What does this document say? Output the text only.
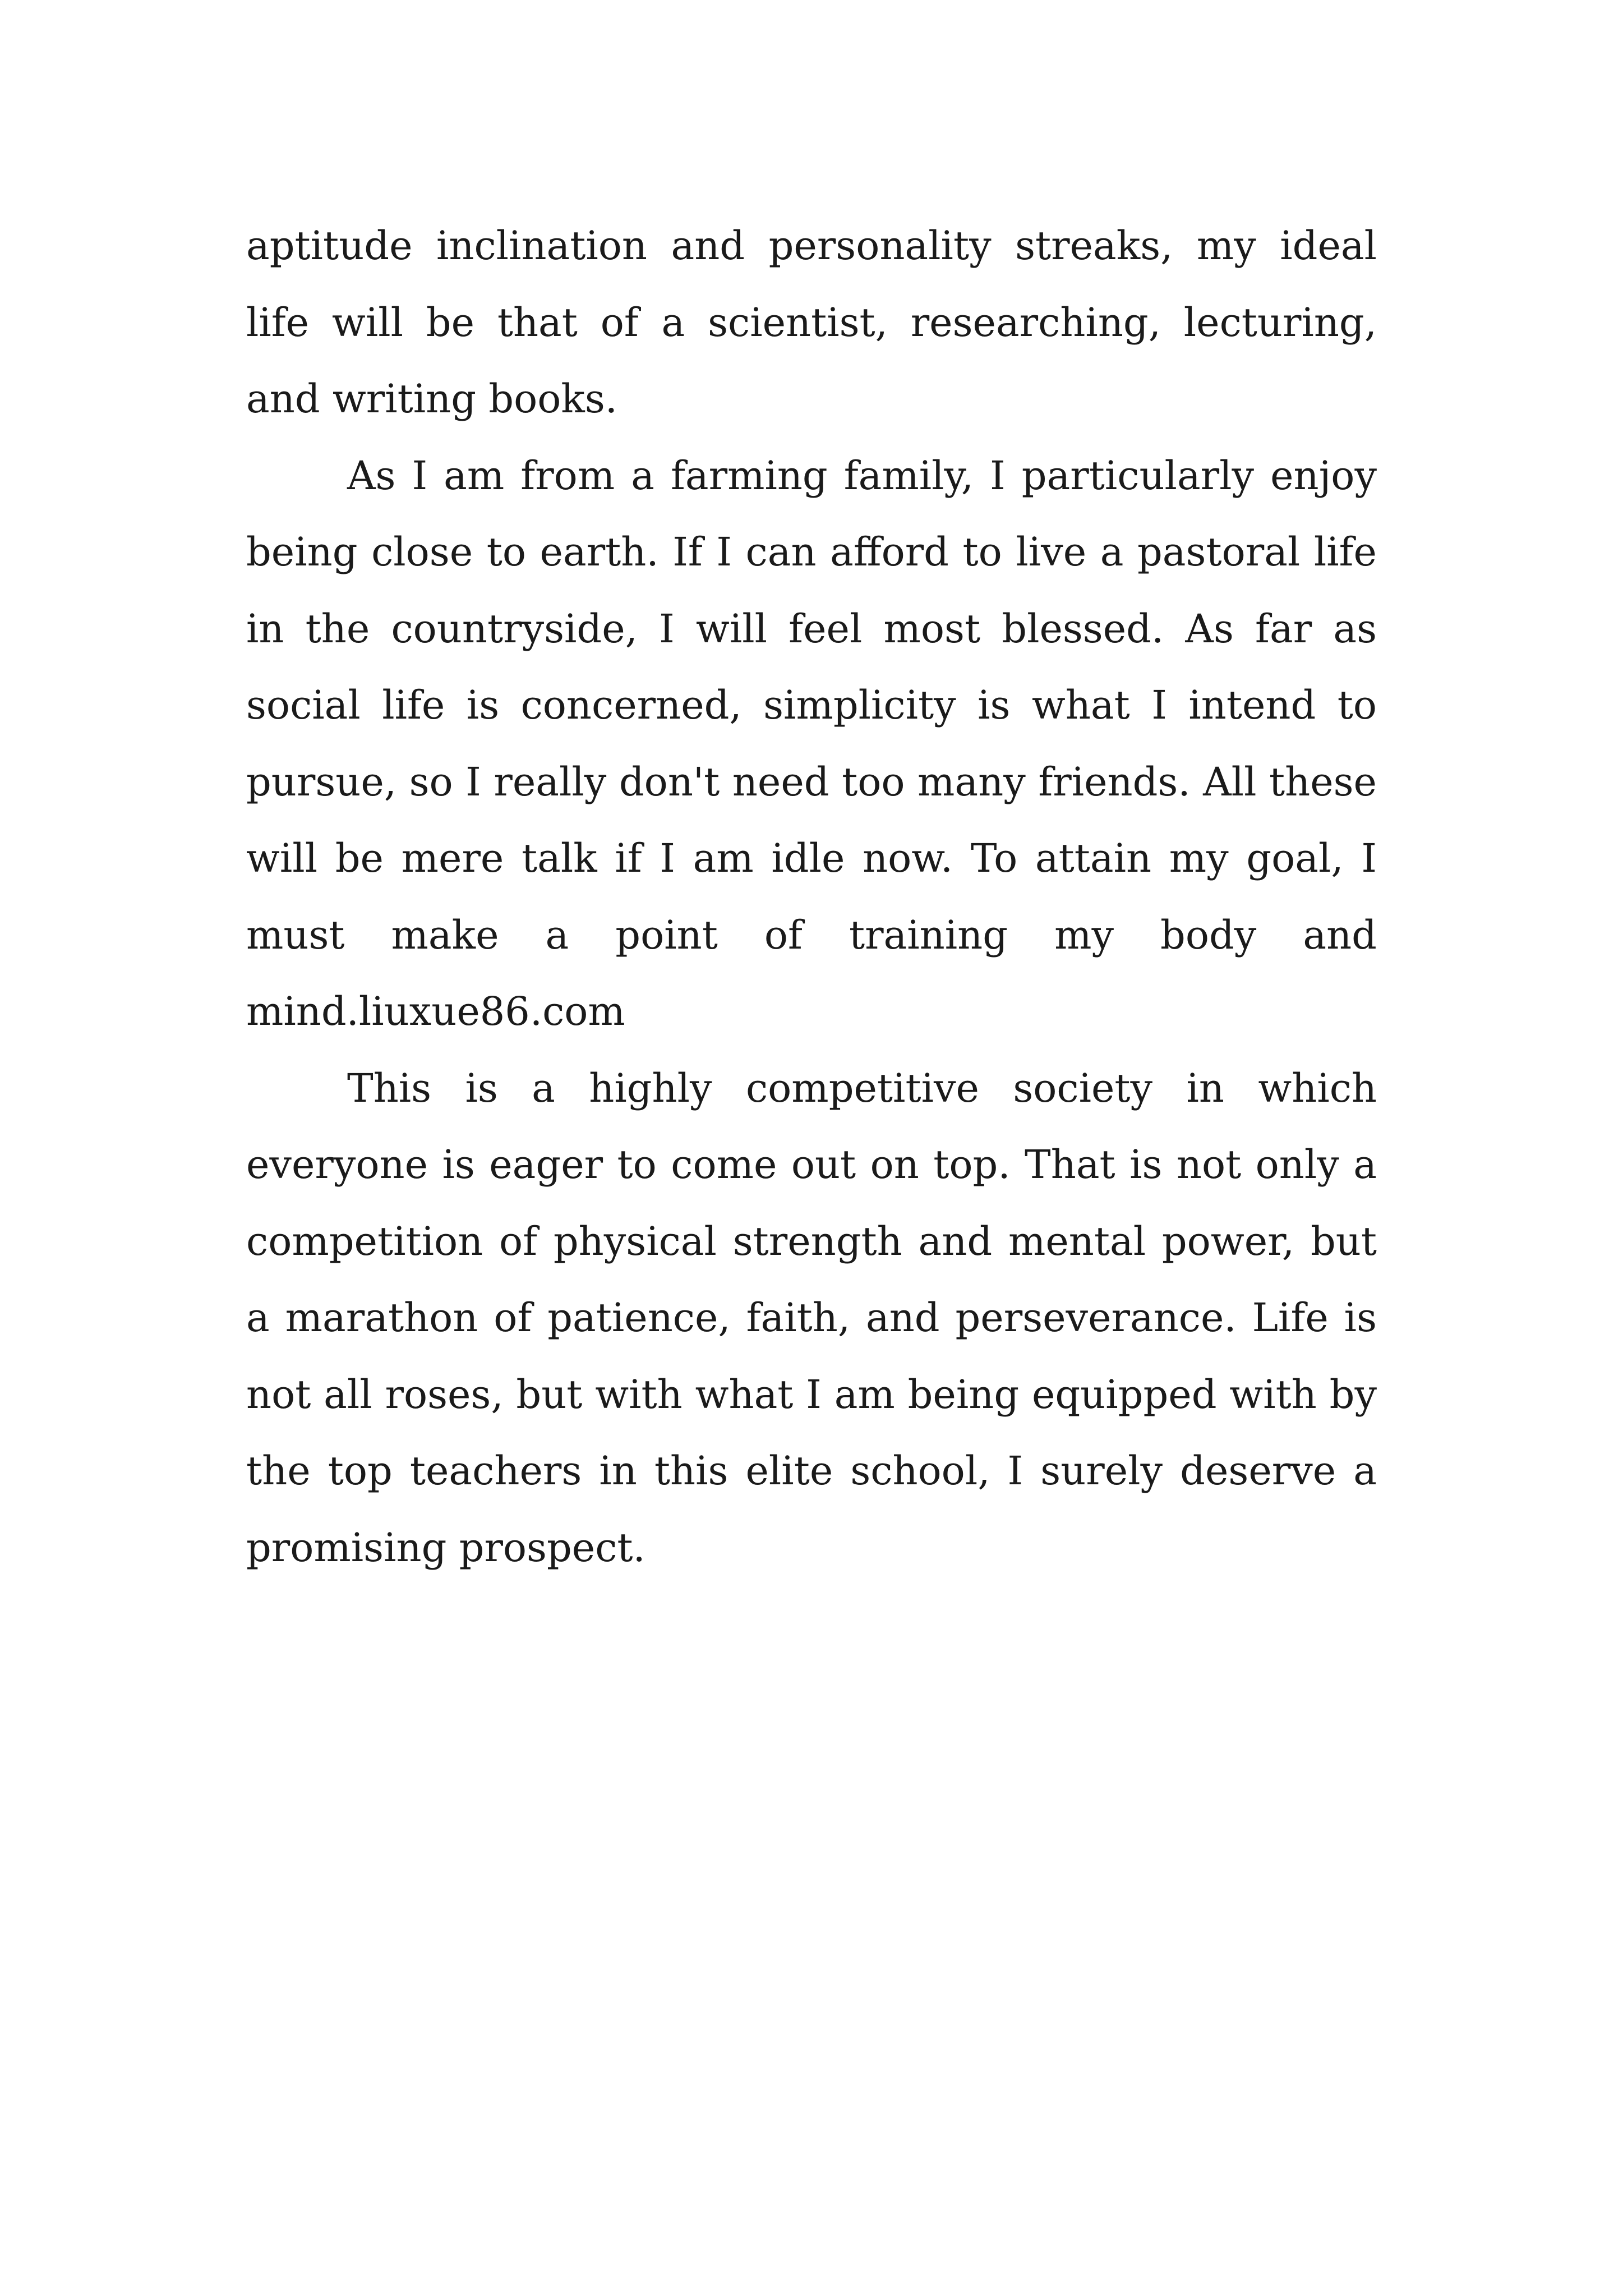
aptitude inclination and personality streaks, my ideal life will be that of a scientist, researching, lecturing, and writing books.

As I am from a farming family, I particularly enjoy being close to earth. If I can afford to live a pastoral life in the countryside, I will feel most blessed. As far as social life is concerned, simplicity is what I intend to pursue, so I really don't need too many friends. All these will be mere talk if I am idle now. To attain my goal, I must make a point of training my body and mind.liuxue86.com

This is a highly competitive society in which everyone is eager to come out on top. That is not only a competition of physical strength and mental power, but a marathon of patience, faith, and perseverance. Life is not all roses, but with what I am being equipped with by the top teachers in this elite school, I surely deserve a promising prospect.
